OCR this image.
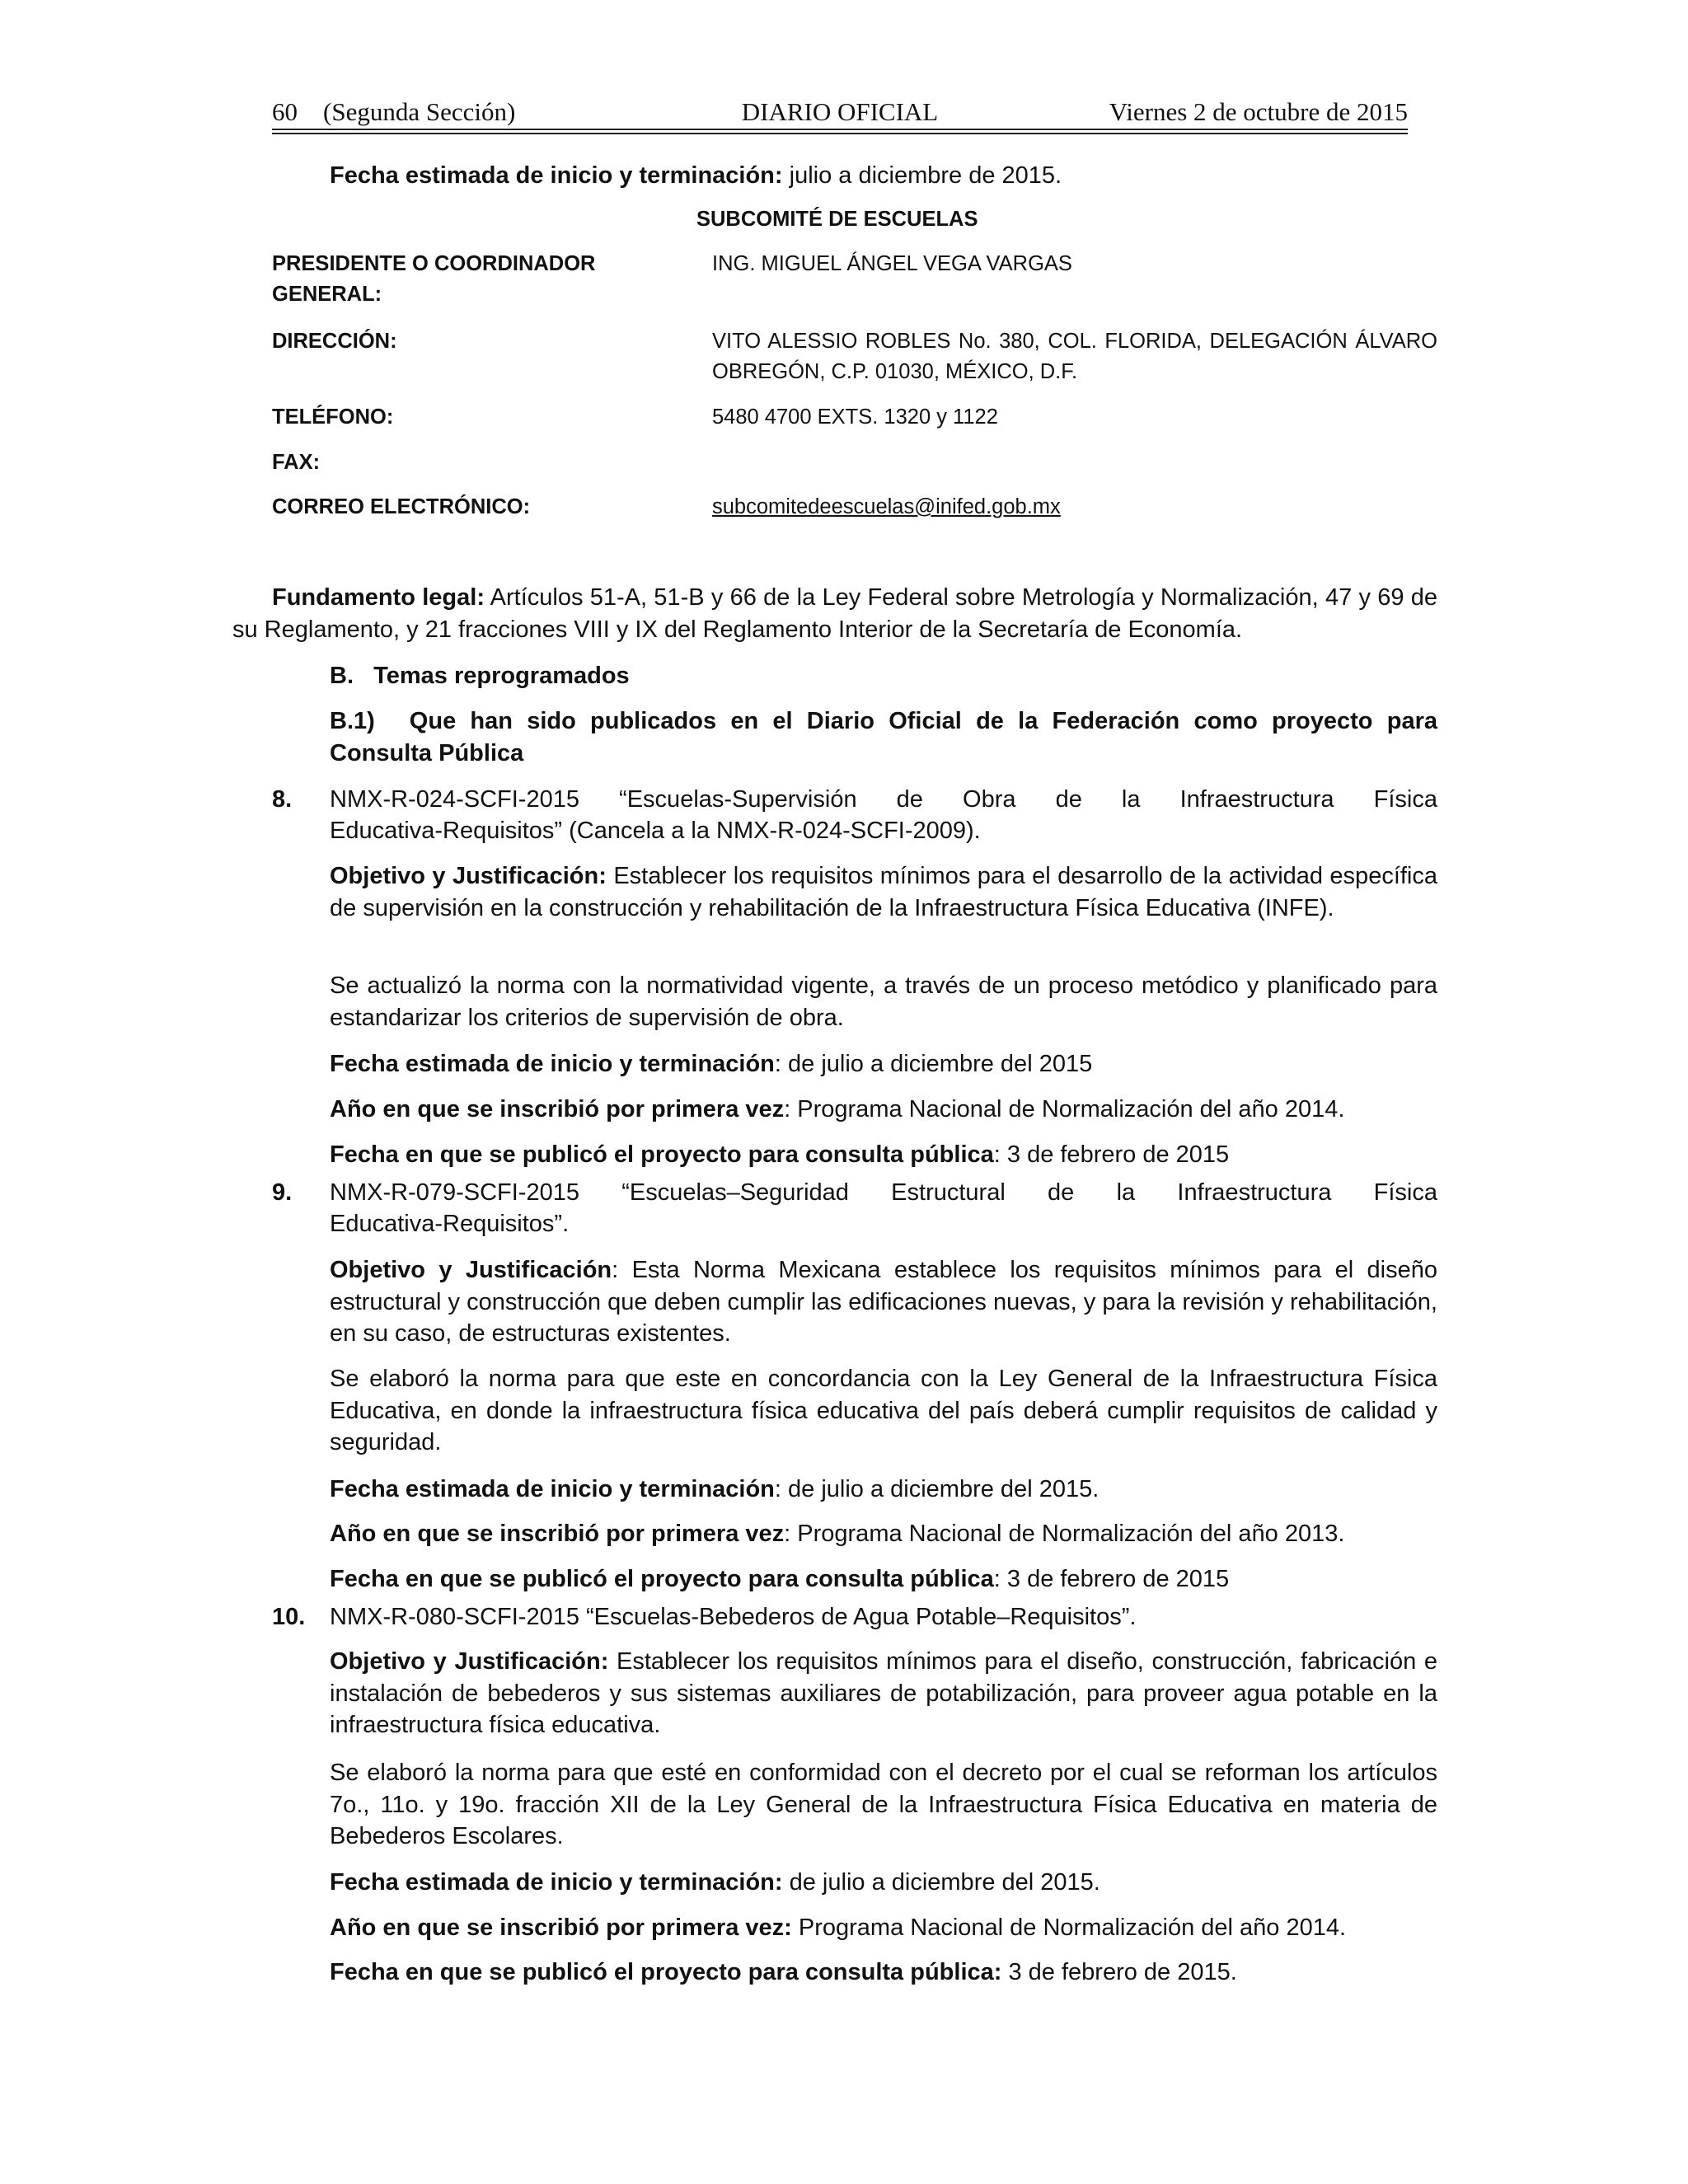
60    (Segunda Sección)	DIARIO OFICIAL	Viernes 2 de octubre de 2015
Fecha estimada de inicio y terminación: julio a diciembre de 2015.
SUBCOMITÉ DE ESCUELAS
PRESIDENTE O COORDINADOR GENERAL:
ING. MIGUEL ÁNGEL VEGA VARGAS
DIRECCIÓN:	VITO ALESSIO ROBLES No. 380, COL. FLORIDA, DELEGACIÓN ÁLVARO OBREGÓN, C.P. 01030, MÉXICO, D.F.
TELÉFONO:	5480 4700 EXTS. 1320 y 1122
FAX:
CORREO ELECTRÓNICO:	subcomitedeescuelas@inifed.gob.mx
Fundamento legal: Artículos 51-A, 51-B y 66 de la Ley Federal sobre Metrología y Normalización, 47 y 69 de su Reglamento, y 21 fracciones VIII y IX del Reglamento Interior de la Secretaría de Economía.
B.   Temas reprogramados
B.1) Que han sido publicados en el Diario Oficial de la Federación como proyecto para Consulta Pública
8. NMX-R-024-SCFI-2015 “Escuelas-Supervisión de Obra de la Infraestructura Física
Educativa-Requisitos” (Cancela a la NMX-R-024-SCFI-2009).
Objetivo y Justificación: Establecer los requisitos mínimos para el desarrollo de la actividad específica de supervisión en la construcción y rehabilitación de la Infraestructura Física Educativa (INFE).
Se actualizó la norma con la normatividad vigente, a través de un proceso metódico y planificado para estandarizar los criterios de supervisión de obra.
Fecha estimada de inicio y terminación: de julio a diciembre del 2015
Año en que se inscribió por primera vez: Programa Nacional de Normalización del año 2014.
Fecha en que se publicó el proyecto para consulta pública: 3 de febrero de 2015
9. NMX-R-079-SCFI-2015 “Escuelas–Seguridad Estructural de la Infraestructura Física
Educativa-Requisitos”.
Objetivo y Justificación: Esta Norma Mexicana establece los requisitos mínimos para el diseño estructural y construcción que deben cumplir las edificaciones nuevas, y para la revisión y rehabilitación, en su caso, de estructuras existentes.
Se elaboró la norma para que este en concordancia con la Ley General de la Infraestructura Física Educativa, en donde la infraestructura física educativa del país deberá cumplir requisitos de calidad y seguridad.
Fecha estimada de inicio y terminación: de julio a diciembre del 2015.
Año en que se inscribió por primera vez: Programa Nacional de Normalización del año 2013.
Fecha en que se publicó el proyecto para consulta pública: 3 de febrero de 2015
10. NMX-R-080-SCFI-2015 “Escuelas-Bebederos de Agua Potable–Requisitos”.
Objetivo y Justificación: Establecer los requisitos mínimos para el diseño, construcción, fabricación e instalación de bebederos y sus sistemas auxiliares de potabilización, para proveer agua potable en la infraestructura física educativa.
Se elaboró la norma para que esté en conformidad con el decreto por el cual se reforman los artículos 7o., 11o. y 19o. fracción XII de la Ley General de la Infraestructura Física Educativa en materia de Bebederos Escolares.
Fecha estimada de inicio y terminación: de julio a diciembre del 2015.
Año en que se inscribió por primera vez: Programa Nacional de Normalización del año 2014.
Fecha en que se publicó el proyecto para consulta pública: 3 de febrero de 2015.
